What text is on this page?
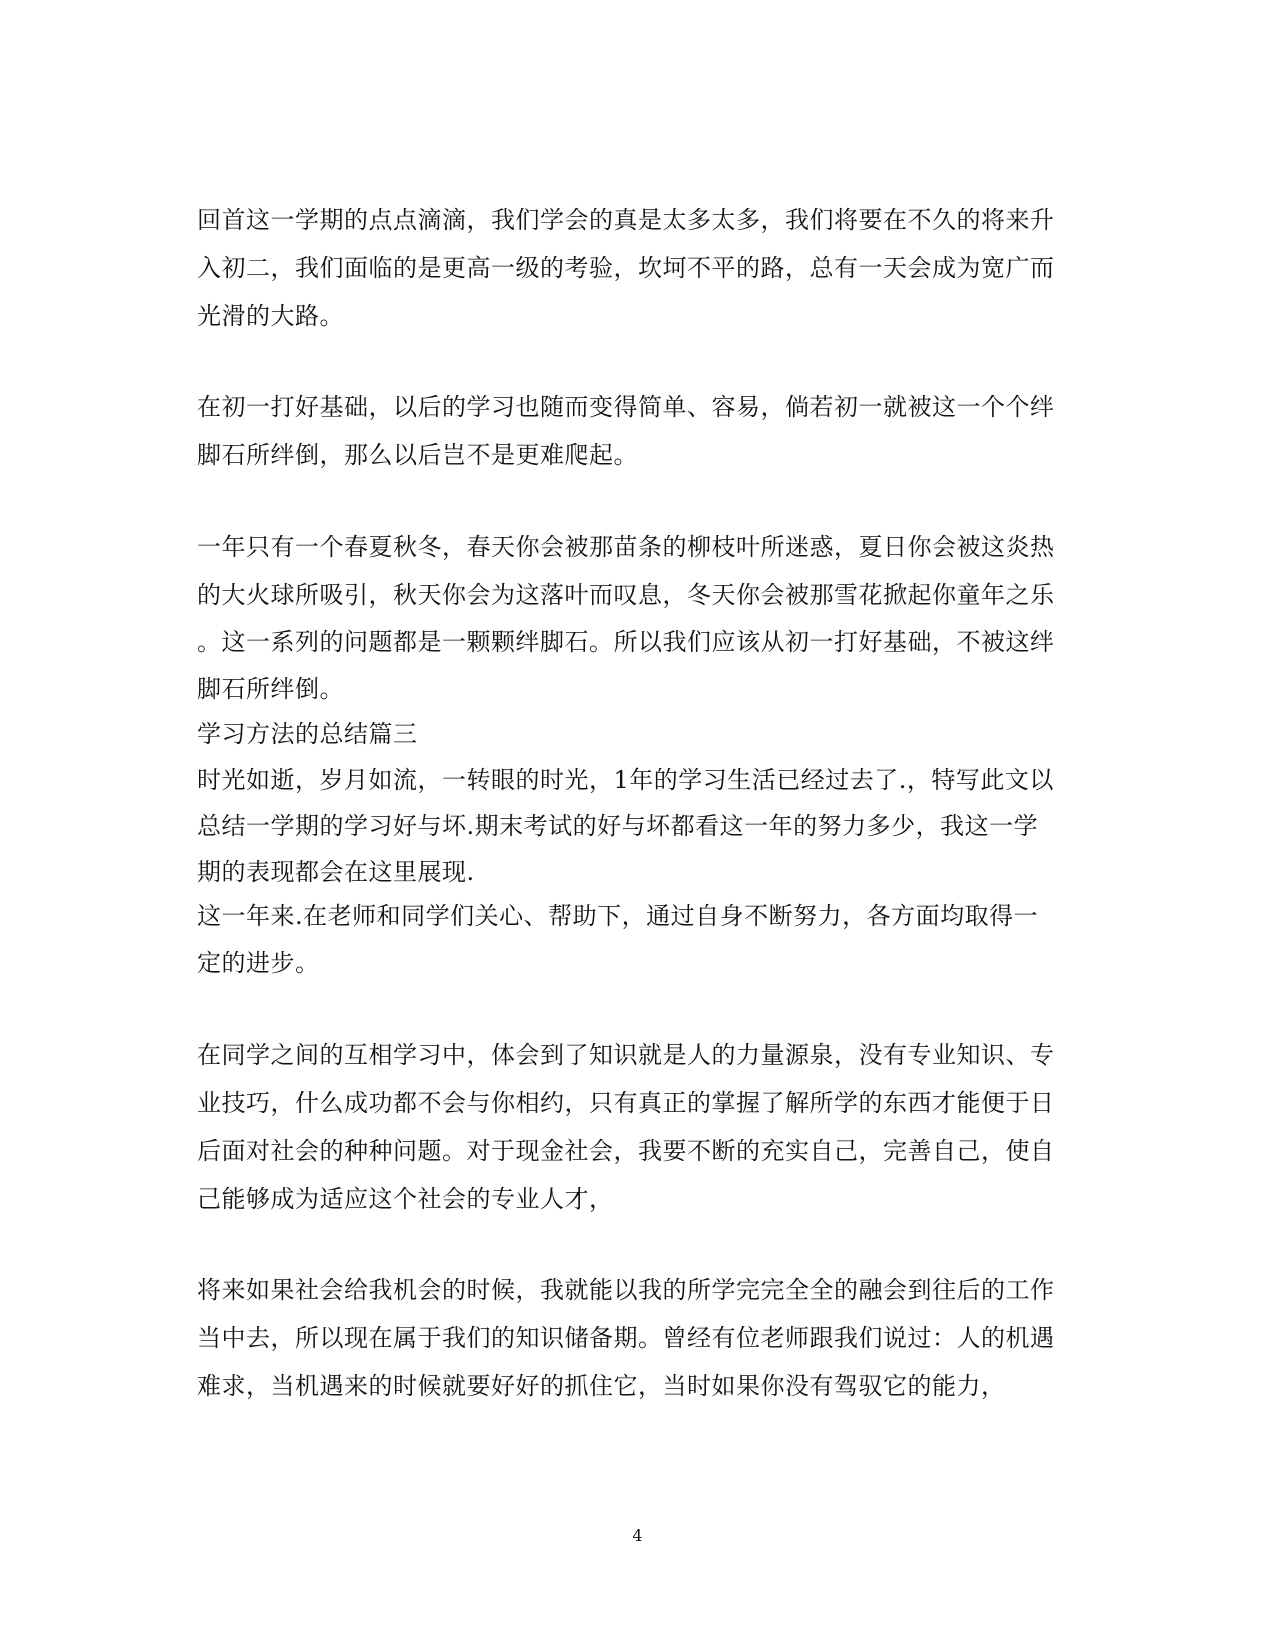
回首这一学期的点点滴滴，我们学会的真是太多太多，我们将要在不久的将来升
入初二，我们面临的是更高一级的考验，坎坷不平的路，总有一天会成为宽广而
光滑的大路。
在初一打好基础，以后的学习也随而变得简单、容易，倘若初一就被这一个个绊
脚石所绊倒，那么以后岂不是更难爬起。
一年只有一个春夏秋冬，春天你会被那苗条的柳枝叶所迷惑，夏日你会被这炎热
的大火球所吸引，秋天你会为这落叶而叹息，冬天你会被那雪花掀起你童年之乐
。这一系列的问题都是一颗颗绊脚石。所以我们应该从初一打好基础，不被这绊
脚石所绊倒。
学习方法的总结篇三
时光如逝，岁月如流，一转眼的时光，1年的学习生活已经过去了.，特写此文以
总结一学期的学习好与坏.期末考试的好与坏都看这一年的努力多少，我这一学
期的表现都会在这里展现.
这一年来.在老师和同学们关心、帮助下，通过自身不断努力，各方面均取得一
定的进步。
在同学之间的互相学习中，体会到了知识就是人的力量源泉，没有专业知识、专
业技巧，什么成功都不会与你相约，只有真正的掌握了解所学的东西才能便于日
后面对社会的种种问题。对于现金社会，我要不断的充实自己，完善自己，使自
己能够成为适应这个社会的专业人才，
将来如果社会给我机会的时候，我就能以我的所学完完全全的融会到往后的工作
当中去，所以现在属于我们的知识储备期。曾经有位老师跟我们说过：人的机遇
难求，当机遇来的时候就要好好的抓住它，当时如果你没有驾驭它的能力，
4
